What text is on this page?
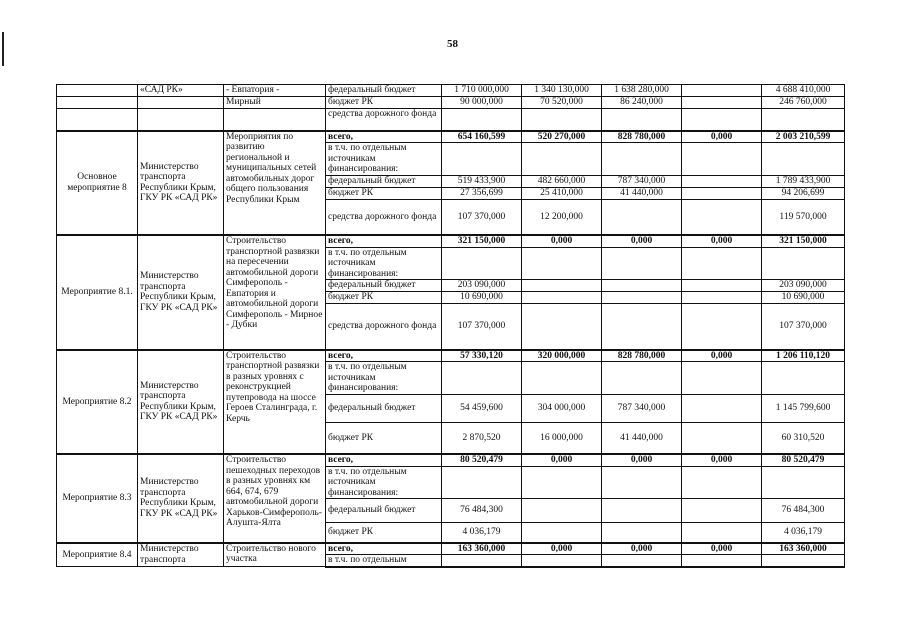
58
	«САД РК»	- Евпатория -	федеральный бюджет	1 710 000,000	1 340 130,000	1 638 280,000		4 688 410,000
		Мирный	бюджет РК	90 000,000	70 520,000	86 240,000		246 760,000
			средства дорожного фонда					
Основное мероприятие 8	Министерство транспорта Республики Крым, ГКУ РК «САД РК»	Мероприятия по развитию региональной и муниципальных сетей автомобильных дорог общего пользования Республики Крым	всего,	654 160,599	520 270,000	828 780,000	0,000	2 003 210,599
			в т.ч. по отдельным источникам финансирования:					
			федеральный бюджет	519 433,900	482 660,000	787 340,000		1 789 433,900
			бюджет РК	27 356,699	25 410,000	41 440,000		94 206,699
			средства дорожного фонда	107 370,000	12 200,000			119 570,000
Мероприятие 8.1.	Министерство транспорта Республики Крым, ГКУ РК «САД РК»	Строительство транспортной развязки на пересечении автомобильной дороги Симферополь - Евпатория и автомобильной дороги Симферополь - Мирное - Дубки	всего,	321 150,000	0,000	0,000	0,000	321 150,000
			в т.ч. по отдельным источникам финансирования:					
			федеральный бюджет	203 090,000				203 090,000
			бюджет РК	10 690,000				10 690,000
			средства дорожного фонда	107 370,000				107 370,000
Мероприятие 8.2	Министерство транспорта Республики Крым, ГКУ РК «САД РК»	Строительство транспортной развязки в разных уровнях с реконструкцией путепровода на шоссе Героев Сталинграда, г. Керчь	всего,	57 330,120	320 000,000	828 780,000	0,000	1 206 110,120
			в т.ч. по отдельным источникам финансирования:					
			федеральный бюджет	54 459,600	304 000,000	787 340,000		1 145 799,600
			бюджет РК	2 870,520	16 000,000	41 440,000		60 310,520
Мероприятие 8.3	Министерство транспорта Республики Крым, ГКУ РК «САД РК»	Строительство пешеходных переходов в разных уровнях км 664, 674, 679 автомобильной дороги Харьков-Симферополь-Алушта-Ялта	всего,	80 520,479	0,000	0,000	0,000	80 520,479
			в т.ч. по отдельным источникам финансирования:					
			федеральный бюджет	76 484,300				76 484,300
			бюджет РК	4 036,179				4 036,179
Мероприятие 8.4	Министерство транспорта	Строительство нового участка	всего,	163 360,000	0,000	0,000	0,000	163 360,000
			в т.ч. по отдельным					
